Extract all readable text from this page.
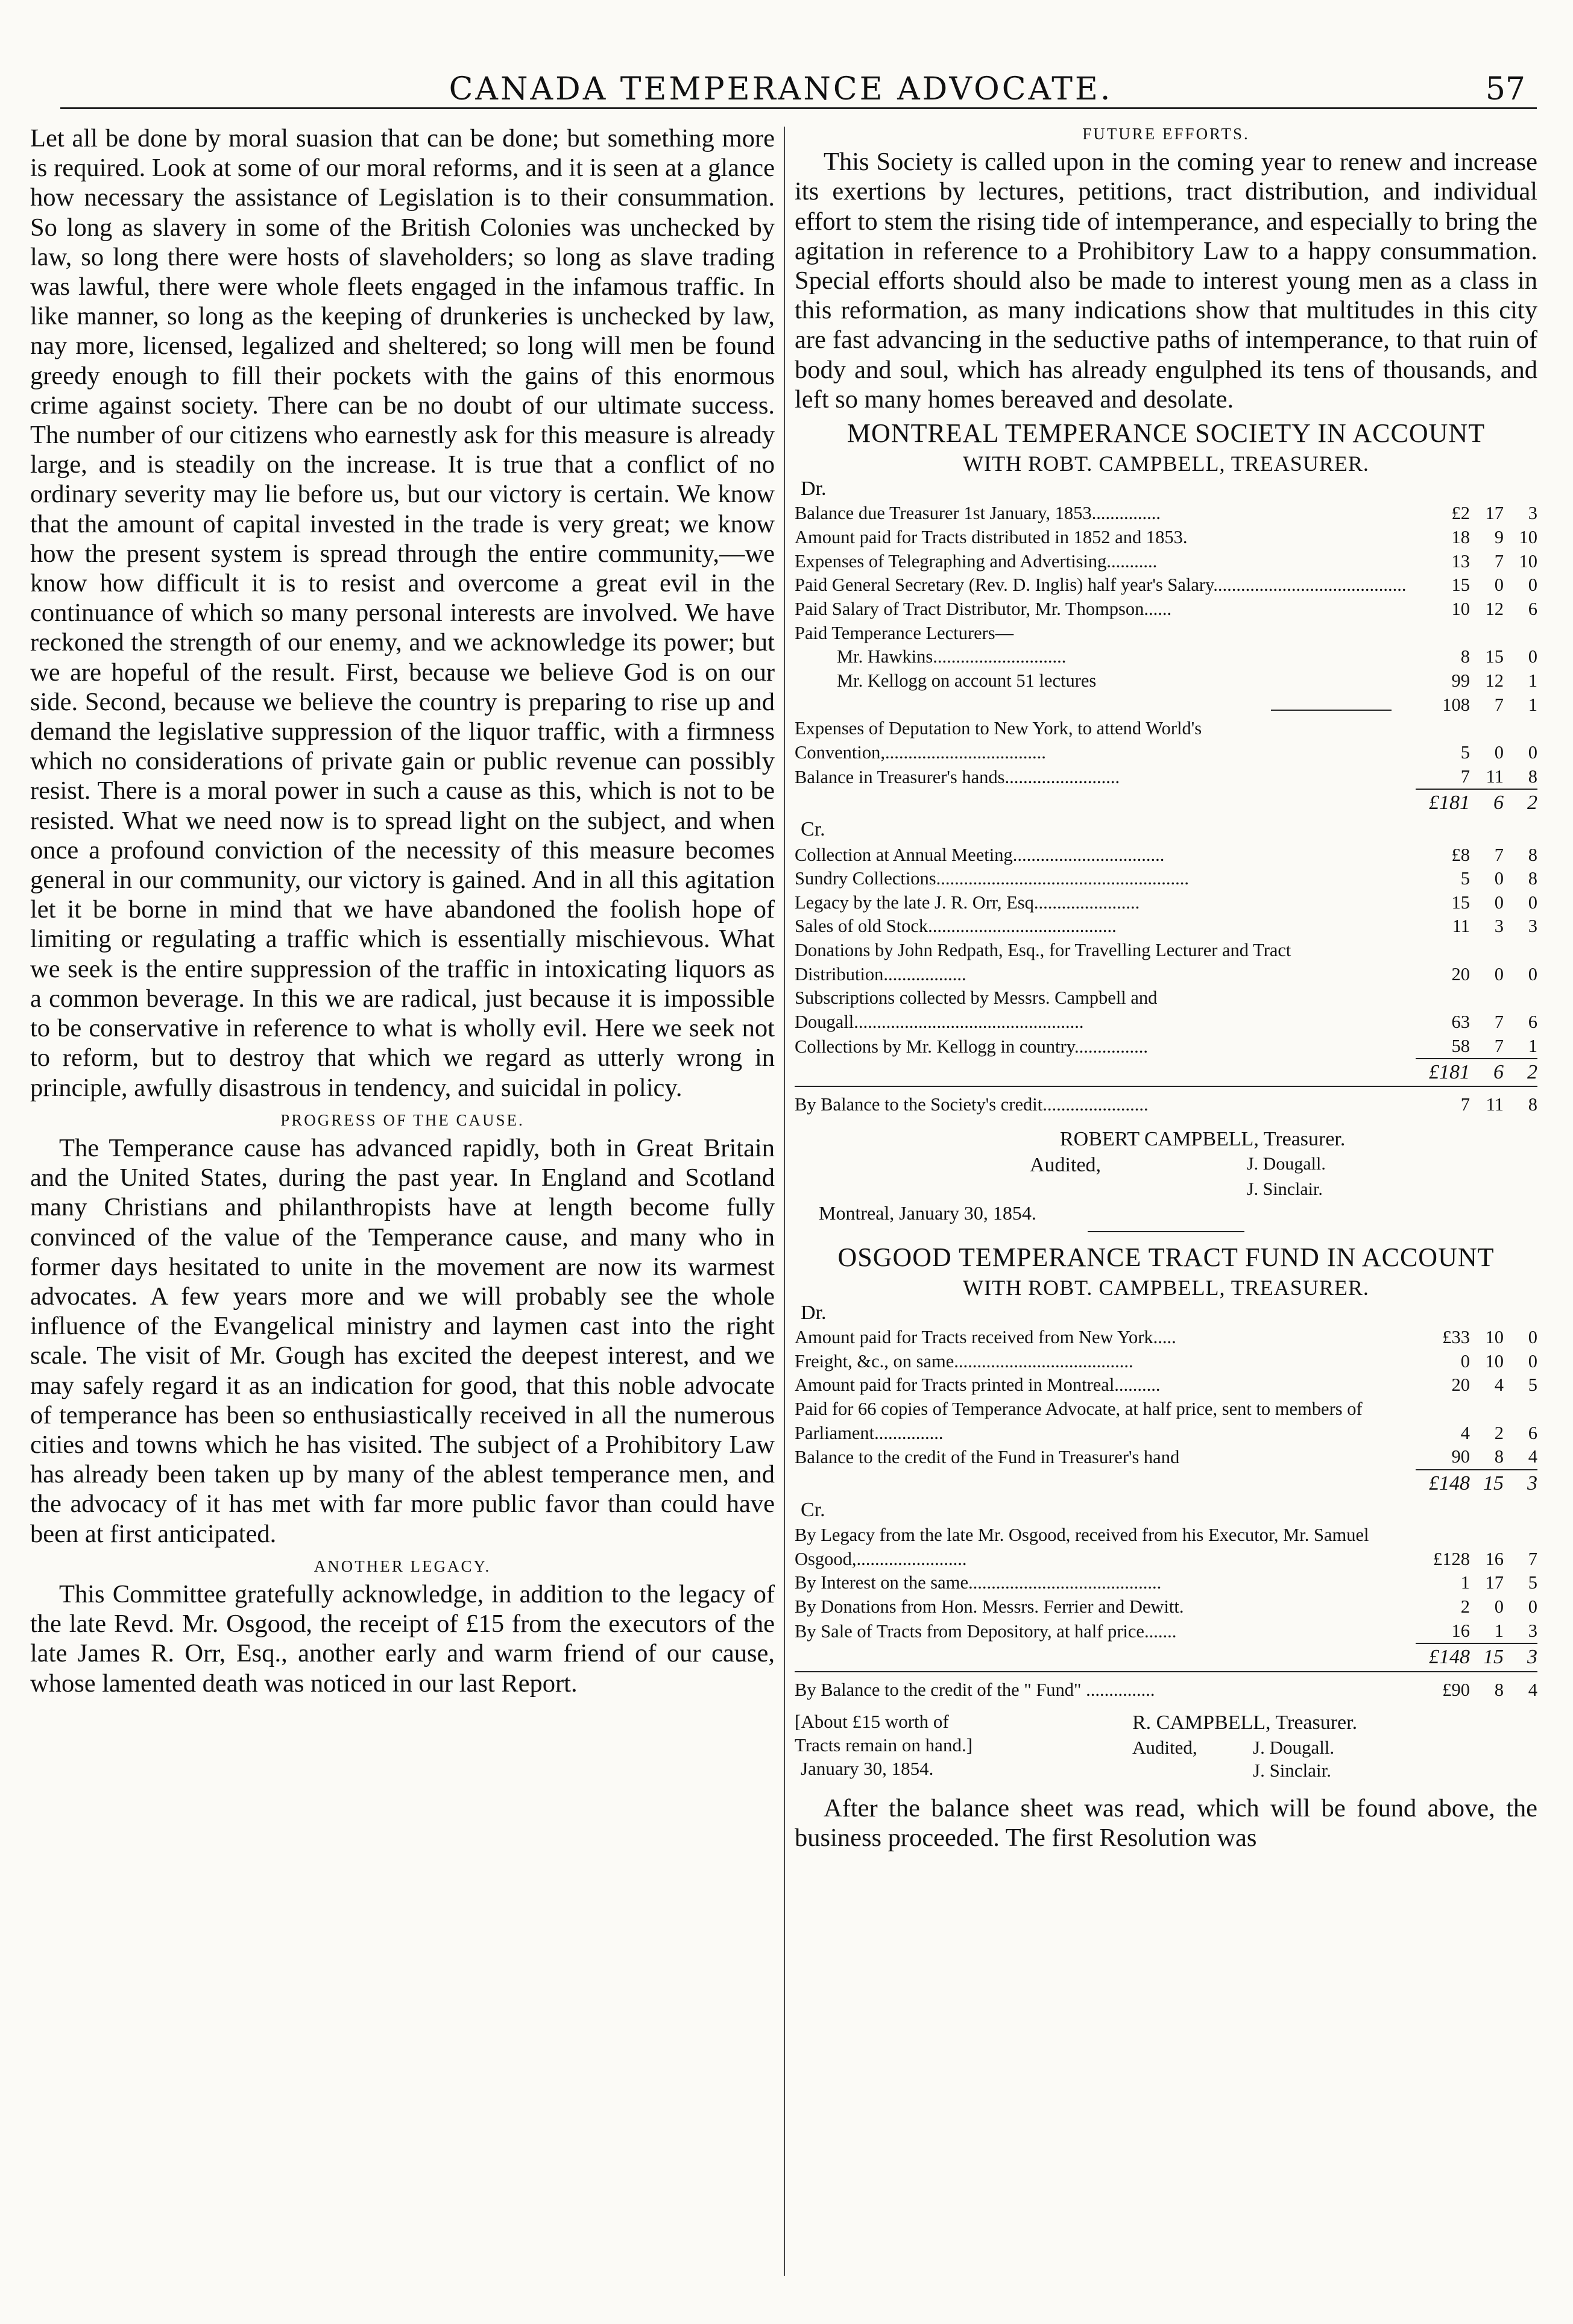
CANADA TEMPERANCE ADVOCATE.	57

Let all be done by moral suasion that can be done; but something more is required. Look at some of our moral reforms, and it is seen at a glance how necessary the assistance of Legislation is to their consummation. So long as slavery in some of the British Colonies was unchecked by law, so long there were hosts of slaveholders; so long as slave trading was lawful, there were whole fleets engaged in the infamous traffic. In like manner, so long as the keeping of drunkeries is unchecked by law, nay more, licensed, legalized and sheltered; so long will men be found greedy enough to fill their pockets with the gains of this enormous crime against society. There can be no doubt of our ultimate success. The number of our citizens who earnestly ask for this measure is already large, and is steadily on the increase. It is true that a conflict of no ordinary severity may lie before us, but our victory is certain. We know that the amount of capital invested in the trade is very great; we know how the present system is spread through the entire community,—we know how difficult it is to resist and overcome a great evil in the continuance of which so many personal interests are involved. We have reckoned the strength of our enemy, and we acknowledge its power; but we are hopeful of the result. First, because we believe God is on our side. Second, because we believe the country is preparing to rise up and demand the legislative suppression of the liquor traffic, with a firmness which no considerations of private gain or public revenue can possibly resist. There is a moral power in such a cause as this, which is not to be resisted. What we need now is to spread light on the subject, and when once a profound conviction of the necessity of this measure becomes general in our community, our victory is gained. And in all this agitation let it be borne in mind that we have abandoned the foolish hope of limiting or regulating a traffic which is essentially mischievous. What we seek is the entire suppression of the traffic in intoxicating liquors as a common beverage. In this we are radical, just because it is impossible to be conservative in reference to what is wholly evil. Here we seek not to reform, but to destroy that which we regard as utterly wrong in principle, awfully disastrous in tendency, and suicidal in policy.

PROGRESS OF THE CAUSE.

The Temperance cause has advanced rapidly, both in Great Britain and the United States, during the past year. In England and Scotland many Christians and philanthropists have at length become fully convinced of the value of the Temperance cause, and many who in former days hesitated to unite in the movement are now its warmest advocates. A few years more and we will probably see the whole influence of the Evangelical ministry and laymen cast into the right scale. The visit of Mr. Gough has excited the deepest interest, and we may safely regard it as an indication for good, that this noble advocate of temperance has been so enthusiastically received in all the numerous cities and towns which he has visited. The subject of a Prohibitory Law has already been taken up by many of the ablest temperance men, and the advocacy of it has met with far more public favor than could have been at first anticipated.

ANOTHER LEGACY.

This Committee gratefully acknowledge, in addition to the legacy of the late Revd. Mr. Osgood, the receipt of £15 from the executors of the late James R. Orr, Esq., another early and warm friend of our cause, whose lamented death was noticed in our last Report.

FUTURE EFFORTS.

This Society is called upon in the coming year to renew and increase its exertions by lectures, petitions, tract distribution, and individual effort to stem the rising tide of intemperance, and especially to bring the agitation in reference to a Prohibitory Law to a happy consummation. Special efforts should also be made to interest young men as a class in this reformation, as many indications show that multitudes in this city are fast advancing in the seductive paths of intemperance, to that ruin of body and soul, which has already engulphed its tens of thousands, and left so many homes bereaved and desolate.

MONTREAL TEMPERANCE SOCIETY IN ACCOUNT
WITH ROBT. CAMPBELL, TREASURER.
Dr.
Balance due Treasurer 1st January, 1853...............	£2	17	3
Amount paid for Tracts distributed in 1852 and 1853.	18	9	10
Expenses of Telegraphing and Advertising...........	13	7	10
Paid General Secretary (Rev. D. Inglis) half year's Salary..........................................	15	0	0
Paid Salary of Tract Distributor, Mr. Thompson......	10	12	6
Paid Temperance Lecturers—			
Mr. Hawkins.............................	8	15	0
Mr. Kellogg on account 51 lectures	99	12	1
	108	7	1
Expenses of Deputation to New York, to attend World's Convention,...................................	5	0	0
Balance in Treasurer's hands.........................	7	11	8
	£181	6	2
Cr.			
Collection at Annual Meeting.................................	£8	7	8
Sundry Collections.......................................................	5	0	8
Legacy by the late J. R. Orr, Esq.......................	15	0	0
Sales of old Stock.........................................	11	3	3
Donations by John Redpath, Esq., for Travelling Lecturer and Tract Distribution..................	20	0	0
Subscriptions collected by Messrs. Campbell and Dougall..................................................	63	7	6
Collections by Mr. Kellogg in country................	58	7	1
	£181	6	2
By Balance to the Society's credit.......................	7	11	8
ROBERT CAMPBELL, Treasurer.
Audited,	J. Dougall.
J. Sinclair.
Montreal, January 30, 1854.
OSGOOD TEMPERANCE TRACT FUND IN ACCOUNT
WITH ROBT. CAMPBELL, TREASURER.
Dr.
Amount paid for Tracts received from New York.....	£33	10	0
Freight, &c., on same.......................................	0	10	0
Amount paid for Tracts printed in Montreal..........	20	4	5
Paid for 66 copies of Temperance Advocate, at half price, sent to members of Parliament...............	4	2	6
Balance to the credit of the Fund in Treasurer's hand	90	8	4
	£148	15	3
Cr.			
By Legacy from the late Mr. Osgood, received from his Executor, Mr. Samuel Osgood,........................	£128	16	7
By Interest on the same..........................................	1	17	5
By Donations from Hon. Messrs. Ferrier and Dewitt.	2	0	0
By Sale of Tracts from Depository, at half price.......	16	1	3
	£148	15	3
By Balance to the credit of the " Fund" ...............	£90	8	4
[About £15 worth of
Tracts remain on hand.]
January 30, 1854.
R. CAMPBELL, Treasurer.
Audited,	J. Dougall.
J. Sinclair.

After the balance sheet was read, which will be found above, the business proceeded. The first Resolution was
